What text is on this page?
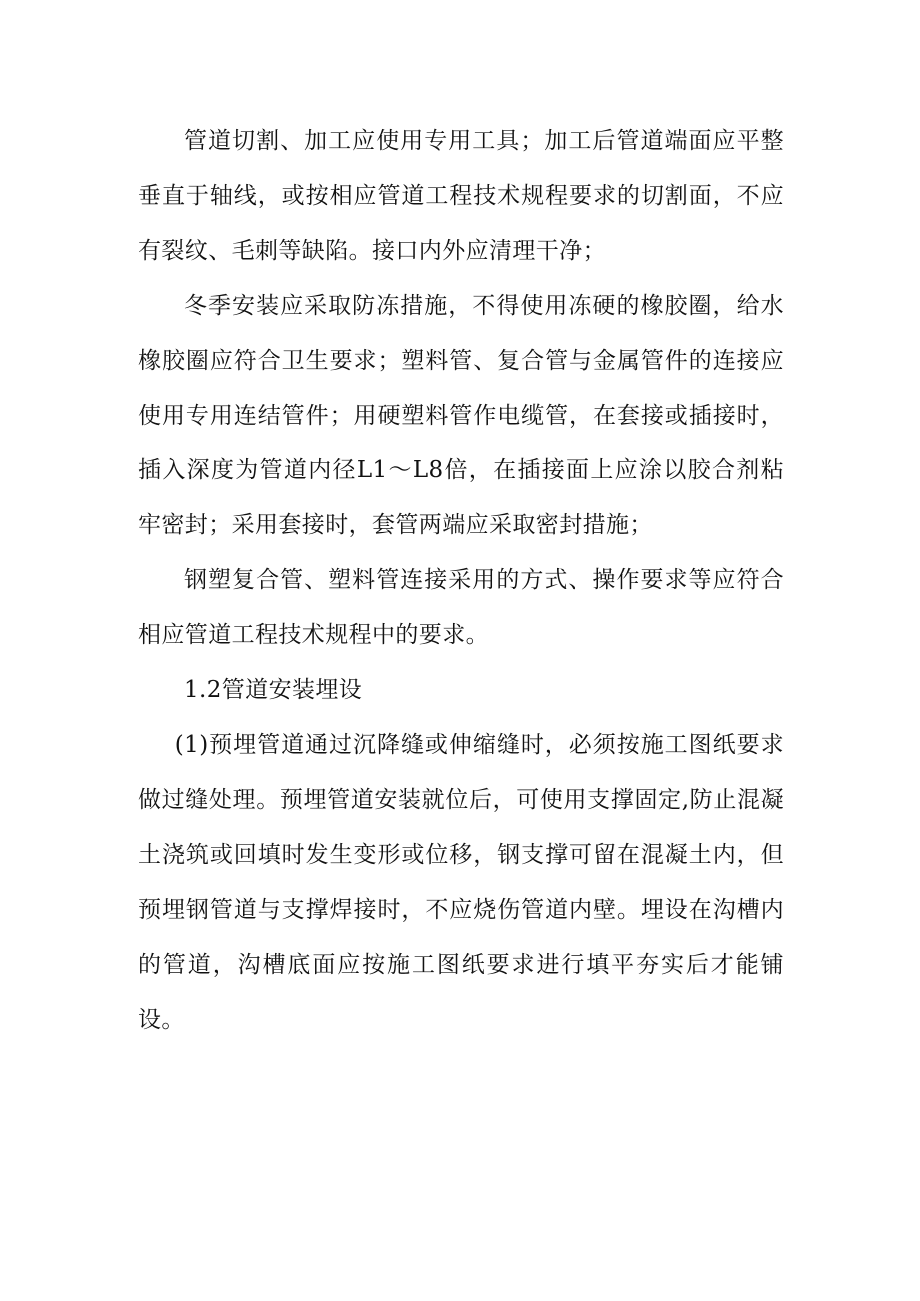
管道切割、加工应使用专用工具；加工后管道端面应平整垂直于轴线，或按相应管道工程技术规程要求的切割面，不应有裂纹、毛刺等缺陷。接口内外应清理干净；

冬季安装应采取防冻措施，不得使用冻硬的橡胶圈，给水橡胶圈应符合卫生要求；塑料管、复合管与金属管件的连接应使用专用连结管件；用硬塑料管作电缆管，在套接或插接时，插入深度为管道内径L1～L8倍，在插接面上应涂以胶合剂粘牢密封；采用套接时，套管两端应采取密封措施；

钢塑复合管、塑料管连接采用的方式、操作要求等应符合相应管道工程技术规程中的要求。

1.2管道安装埋设

(1)预埋管道通过沉降缝或伸缩缝时，必须按施工图纸要求做过缝处理。预埋管道安装就位后，可使用支撑固定,防止混凝土浇筑或回填时发生变形或位移，钢支撑可留在混凝土内，但预埋钢管道与支撑焊接时，不应烧伤管道内壁。埋设在沟槽内的管道，沟槽底面应按施工图纸要求进行填平夯实后才能铺设。
